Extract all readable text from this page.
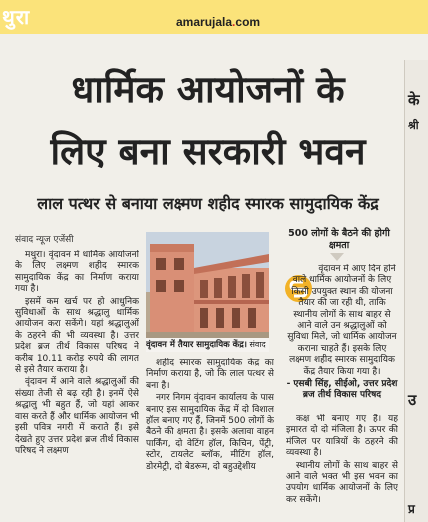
थुरा	amarujala.com
के
श्री
उ
प्र
धार्मिक आयोजनों के
लिए बना सरकारी भवन
लाल पत्थर से बनाया लक्ष्मण शहीद स्मारक सामुदायिक केंद्र
संवाद न्यूज एजेंसी

मथुरा। वृंदावन में धार्मिक आयोजनों के लिए लक्ष्मण शहीद स्मारक सामुदायिक केंद्र का निर्माण कराया गया है।

इसमें कम खर्च पर हो आधुनिक सुविधाओं के साथ श्रद्धालु धार्मिक आयोजन करा सकेंगे। यहां श्रद्धालुओं के ठहरने की भी व्यवस्था है। उत्तर प्रदेश ब्रज तीर्थ विकास परिषद ने करीब 10.11 करोड़ रुपये की लागत से इसे तैयार कराया है।

वृंदावन में आने वाले श्रद्धालुओं की संख्या तेजी से बढ़ रही है। इनमें ऐसे श्रद्धालु भी बहुत हैं, जो यहां आकर वास करते हैं और धार्मिक आयोजन भी इसी पवित्र नगरी में कराते हैं। इसे देखते हुए उत्तर प्रदेश ब्रज तीर्थ विकास परिषद ने लक्ष्मण

वृंदावन में तैयार सामुदायिक केंद्र। संवाद

शहीद स्मारक सामुदायिक केंद्र का निर्माण कराया है, जो कि लाल पत्थर से बना है।

नगर निगम वृंदावन कार्यालय के पास बनाए इस सामुदायिक केंद्र में दो विशाल हॉल बनाए गए हैं, जिनमें 500 लोगों के बैठने की क्षमता है। इसके अलावा वाहन पार्किंग, दो वेटिंग हॉल, किचिन, पेंट्री, स्टोर, टायलेट ब्लॉक, मीटिंग हॉल, डोरमेट्री, दो बेडरूम, दो बहुउद्देशीय

500 लोगों के बैठने की होगी क्षमता

वृंदावन में आए दिन होने वाले धार्मिक आयोजनों के लिए किसी उपयुक्त स्थान की योजना तैयार की जा रही थी, ताकि स्थानीय लोगों के साथ बाहर से आने वाले उन श्रद्धालुओं को सुविधा मिले, जो धार्मिक आयोजन कराना चाहते हैं। इसके लिए लक्ष्मण शहीद स्मारक सामुदायिक केंद्र तैयार किया गया है।

- एसबी सिंह, सीईओ, उत्तर प्रदेश ब्रज तीर्थ विकास परिषद

कक्ष भी बनाए गए हैं। यह इमारत दो दो मंजिला है। ऊपर की मंजिल पर यात्रियों के ठहरने की व्यवस्था है।

स्थानीय लोगों के साथ बाहर से आने वाले भक्त भी इस भवन का उपयोग धार्मिक आयोजनों के लिए कर सकेंगे।
